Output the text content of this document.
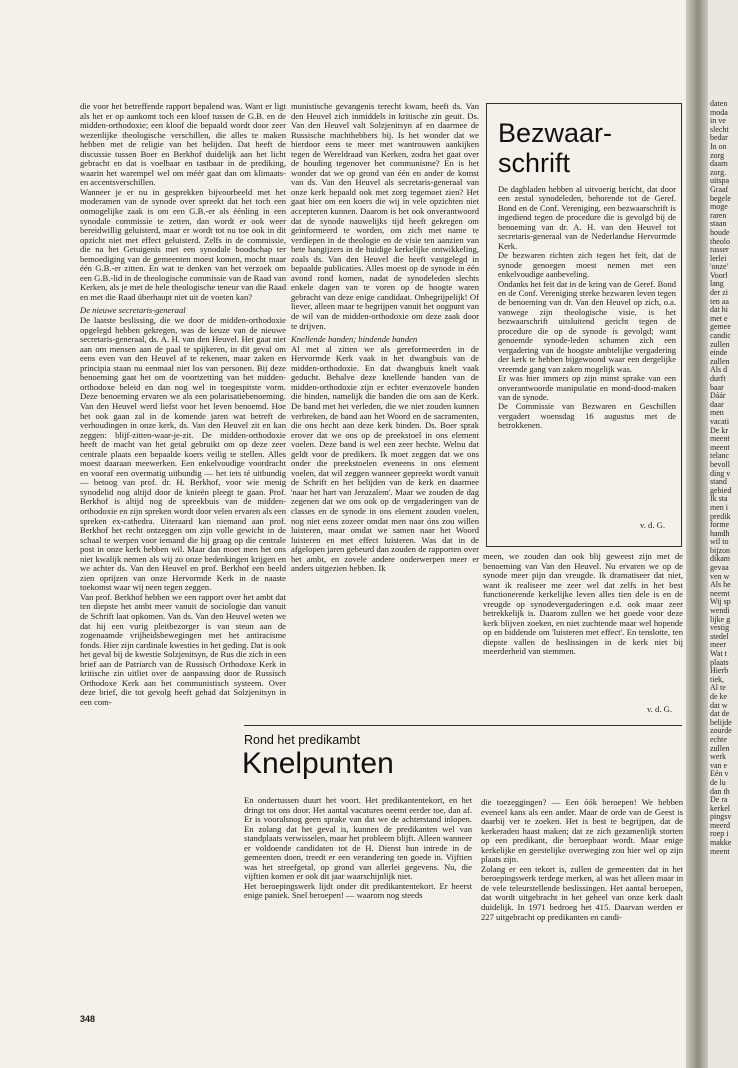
daten
moda
in ve
slecht
bedar
In on
zorg
daarn
zorg.
uitspa
Graaf
begele
moge
raren
staan
houde
theolo
tusser
lerlei
'onze'
Voorl
lang
der zi
ten aa
dat hi
met e
gemee
candic
zullen
einde
zullen
Als d
durft
baar
Dáár
daar
men
vacati
De kr
meent
meent
telanc
bevoll
ding v
stand
gebied
Ik sta
men i
predik
forme
handh
wil to
bijzon
dikam
gevaa
ven w
Als he
neemt
Wij sp
wendi
lijke g
vestig
stedel
meer
Wat t
plaats
Hierb
tiek,
Al te
de ke
dat w
dat de
belijde
zourde
echte
zullen
werk
van e
Eén v
de lu
dan th
De ra
kerkel
pingsv
meerd
roep i
makke
meent

die voor het betreffende rapport bepalend was. Want er ligt als het er op aankomt toch een kloof tussen de G.B. en de midden-orthodoxie; een kloof die bepaald wordt door zeer wezenlijke theologische verschillen, die alles te maken hebben met de religie van het belijden. Dat heeft de discussie tussen Boer en Berkhof duidelijk aan het licht gebracht en dat is voelbaar en tastbaar in de prediking, waarin het warempel wel om méér gaat dan om klimaats- en accentsverschillen.

Wanneer je er nu in gesprekken bijvoorbeeld met het moderamen van de synode over spreekt dat het toch een onmogelijke zaak is om een G.B.-er als éénling in een synodale commissie te zetten, dan wordt er ook weer bereidwillig geluisterd, maar er wordt tot nu toe ook in dit opzicht niet met effect geluisterd. Zelfs in de commissie, die na het Getuigenis met een synodale boodschap ter bemoediging van de gemeenten moest komen, mocht maar één G.B.-er zitten. En wat te denken van het verzoek om een G.B.-lid in de theologische commissie van de Raad van Kerken, als je met de hele theologische teneur van die Raad en met die Raad überhaupt niet uit de voeten kan?

De nieuwe secretaris-generaal

De laatste beslissing, die we door de midden-orthodoxie opgelegd hebben gekregen, was de keuze van de nieuwe secretaris-generaal, ds. A. H. van den Heuvel. Het gaat niet aan om mensen aan de paal te spijkeren, in dit geval om eens even van den Heuvel af te rekenen, maar zaken en principia staan nu eenmaal niet los van personen. Bij deze benoeming gaat het om de voortzetting van het midden-orthodoxe beleid en dan nog wel in toegespitste vorm. Deze benoeming ervaren we als een polarisatiebenoeming. Van den Heuvel werd liefst voor het leven benoemd. Hoe het ook gaan zal in de komende jaren wat betreft de verhoudingen in onze kerk, ds. Van den Heuvel zit en kan zeggen: blijf-zitten-waar-je-zit. De midden-orthodoxie heeft de macht van het getal gebruikt om op deze zeer centrale plaats een bepaalde koers veilig te stellen. Alles moest daaraan meewerken. Een enkelvoudige voordracht en vooraf een overmatig uitbundig — het iets té uitbundig — betoog van prof. dr. H. Berkhof, voor wie menig synodelid nog altijd door de knieën pleegt te gaan. Prof. Berkhof is altijd nog de spreekbuis van de midden-orthodoxie en zijn spreken wordt door velen ervaren als een spreken ex-cathedra. Uiteraard kan niemand aan prof. Berkhof het recht ontzeggen om zijn volle gewicht in de schaal te werpen voor iemand die hij graag op die centrale post in onze kerk hebben wil. Maar dan moet men het ons niet kwalijk nemen als wij zo onze bedenkingen krijgen en we achter ds. Van den Heuvel en prof. Berkhof een beeld zien oprijzen van onze Hervormde Kerk in de naaste toekomst waar wij neen tegen zeggen.

Van prof. Berkhof hebben we een rapport over het ambt dat ten diepste het ambt meer vanuit de sociologie dan vanuit de Schrift laat opkomen. Van ds. Van den Heuvel weten we dat hij een vurig pleitbezorger is van steun aan de zogenaamde vrijheidsbewegingen met het antiracisme fonds. Hier zijn cardinale kwesties in het geding. Dat is ook het geval bij de kwestie Solzjenitsyn, de Rus die zich in een brief aan de Patriarch van de Russisch Orthodoxe Kerk in kritische zin uitliet over de aanpassing door de Russisch Orthodoxe Kerk aan het communistisch systeem. Over deze brief, die tot gevolg heeft gehad dat Solzjenitsyn in een com-

munistische gevangenis terecht kwam, heeft ds. Van den Heuvel zich inmiddels in kritische zin geuit. Ds. Van den Heuvel valt Solzjenitsyn af en daarmee de Russische machthebbers bij. Is het wonder dat we hierdoor eens te meer met wantrouwen aankijken tegen de Wereldraad van Kerken, zodra het gaat over de houding tegenover het communisme? En is het wonder dat we op grond van één en ander de komst van ds. Van den Heuvel als secretaris-generaal van onze kerk bepaald ook met zorg tegemoet zien? Het gaat hier om een koers die wij in vele opzichten niet accepteren kunnen. Daarom is het ook onverantwoord dat de synode nauwelijks tijd heeft gekregen om geïnformeerd te worden, om zich met name te verdiepen in de theologie en de visie ten aanzien van hete hangijzers in de huidige kerkelijke ontwikkeling, zoals ds. Van den Heuvel die heeft vastgelegd in bepaalde publicaties. Alles moest op de synode in één avond rond komen, nadat de synodeleden slechts enkele dagen van te voren op de hoogte waren gebracht van deze enige candidaat. Onbegrijpelijk! Of liever, alleen maar te begrijpen vanuit het oogpunt van de wil van de midden-orthodoxie om deze zaak door te drijven.

Knellende banden; bindende banden

Al met al zitten we als gereformeerden in de Hervormde Kerk vaak in het dwangbuis van de midden-orthodoxie. En dat dwangbuis knelt vaak geducht. Behalve deze knellende banden van de midden-orthodoxie zijn er echter evenzovele banden die binden, namelijk die banden die ons aan de Kerk. De band met het verleden, die we niet zouden kunnen verbreken, de band aan het Woord en de sacramenten, die ons hecht aan deze kerk binden. Ds. Boer sprak erover dat we ons op de preekstoel in ons element voelen. Deze band is wel een zeer hechte. Welnu dat geldt voor de predikers. Ik moet zeggen dat we ons onder die preekstoelen eveneens in ons element voelen, dat wil zeggen wanneer gepreekt wordt vanuit de Schrift en het belijden van de kerk en daarmee 'naar het hart van Jeruzalem'. Maar we zouden de dag zegenen dat we ons ook op de vergaderingen van de classes en de synode in ons element zouden voelen, nog niet eens zozeer omdat men naar óns zou willen luisteren, maar omdat we samen naar het Woord luisteren en met effect luisteren. Was dat in de afgelopen jaren gebeurd dan zouden de rapporten over het ambt, en zovele andere onderwerpen meer er anders uitgezien hebben. Ik

Bezwaar-
schrift

De dagbladen hebben al uitvoerig bericht, dat door een zestal synodeleden, behorende tot de Geref. Bond en de Conf. Vereniging, een bezwaarschrift is ingediend tegen de procedure die is gevolgd bij de benoeming van dr. A. H. van den Heuvel tot secretaris-generaal van de Nederlandse Hervormde Kerk.

De bezwaren richten zich tegen het feit, dat de synode genoegen moest nemen met een enkelvoudige aanbeveling.

Ondanks het feit dat in de kring van de Geref. Bond en de Conf. Vereniging sterke bezwaren leven tegen de benoeming van dr. Van den Heuvel op zich, o.a. vanwege zijn theologische visie, is het bezwaarschrift uitsluitend gericht tegen de procedure die op de synode is gevolgd; want genoemde synode-leden schamen zich een vergadering van de hoogste ambtelijke vergadering der kerk te hebben bijgewoond waar een dergelijke vreemde gang van zaken mogelijk was.

Er was hier immers op zijn minst sprake van een onverantwoorde manipulatie en mond-dood-maken van de synode.

De Commissie van Bezwaren en Geschillen vergadert woensdag 16 augustus met de betrokkenen.

v. d. G.

meen, we zouden dan ook blij geweest zijn met de benoeming van Van den Heuvel. Nu ervaren we op de synode meer pijn dan vreugde. Ik dramatiseer dat niet, want ik realiseer me zeer wel dat zelfs in het best functionerende kerkelijke leven alles tien dele is en de vreugde op synodevergaderingen e.d. ook maar zeer betrekkelijk is. Daarom zullen we het goede voor deze kerk blijven zoeken, en niet zuchtende maar wel hopende op en biddende om 'luisteren met effect'. En tenslotte, ten diepste vallen de beslissingen in de kerk niet bij meerderheid van stemmen.

v. d. G.
Rond het predikambt
Knelpunten

En ondertussen duurt het voort. Het predikantentekort, en het dringt tot ons door. Het aantal vacatures neemt eerder toe, dan af. Er is vooralsnog geen sprake van dat we de achterstand inlopen. En zolang dat het geval is, kunnen de predikanten wel van standplaats verwisselen, maar het probleem blijft. Alleen wanneer er voldoende candidaten tot de H. Dienst hun intrede in de gemeenten doen, treedt er een verandering ten goede in. Vijftien was het streefgetal, op grond van allerlei gegevens. Nu, die vijftien komen er ook dit jaar waarschijnlijk niet.
Het beroepingswerk lijdt onder dit predikantentekort. Er heerst enige paniek. Snel beroepen! — waarom nog steeds

die toezeggingen? — Een óók beroepen! We hebben eveneel kans als een ander. Maar de orde van de Geest is daarbij ver te zoeken. Het is best te begrijpen, dat de kerkeraden haast maken; dat ze zich gezamenlijk storten op een predikant, die beroepbaar wordt. Maar enige kerkelijke en geestelijke overweging zou hier wel op zijn plaats zijn.
Zolang er een tekort is, zullen de gemeenten dat in het beroepingswerk terdege merken, al was het alleen maar in de vele teleurstellende beslissingen. Het aantal beroepen, dat wordt uitgebracht in het geheel van onze kerk daalt duidelijk. In 1971 bedroeg het 415. Daarvan werden er 227 uitgebracht op predikanten en candi-

348
